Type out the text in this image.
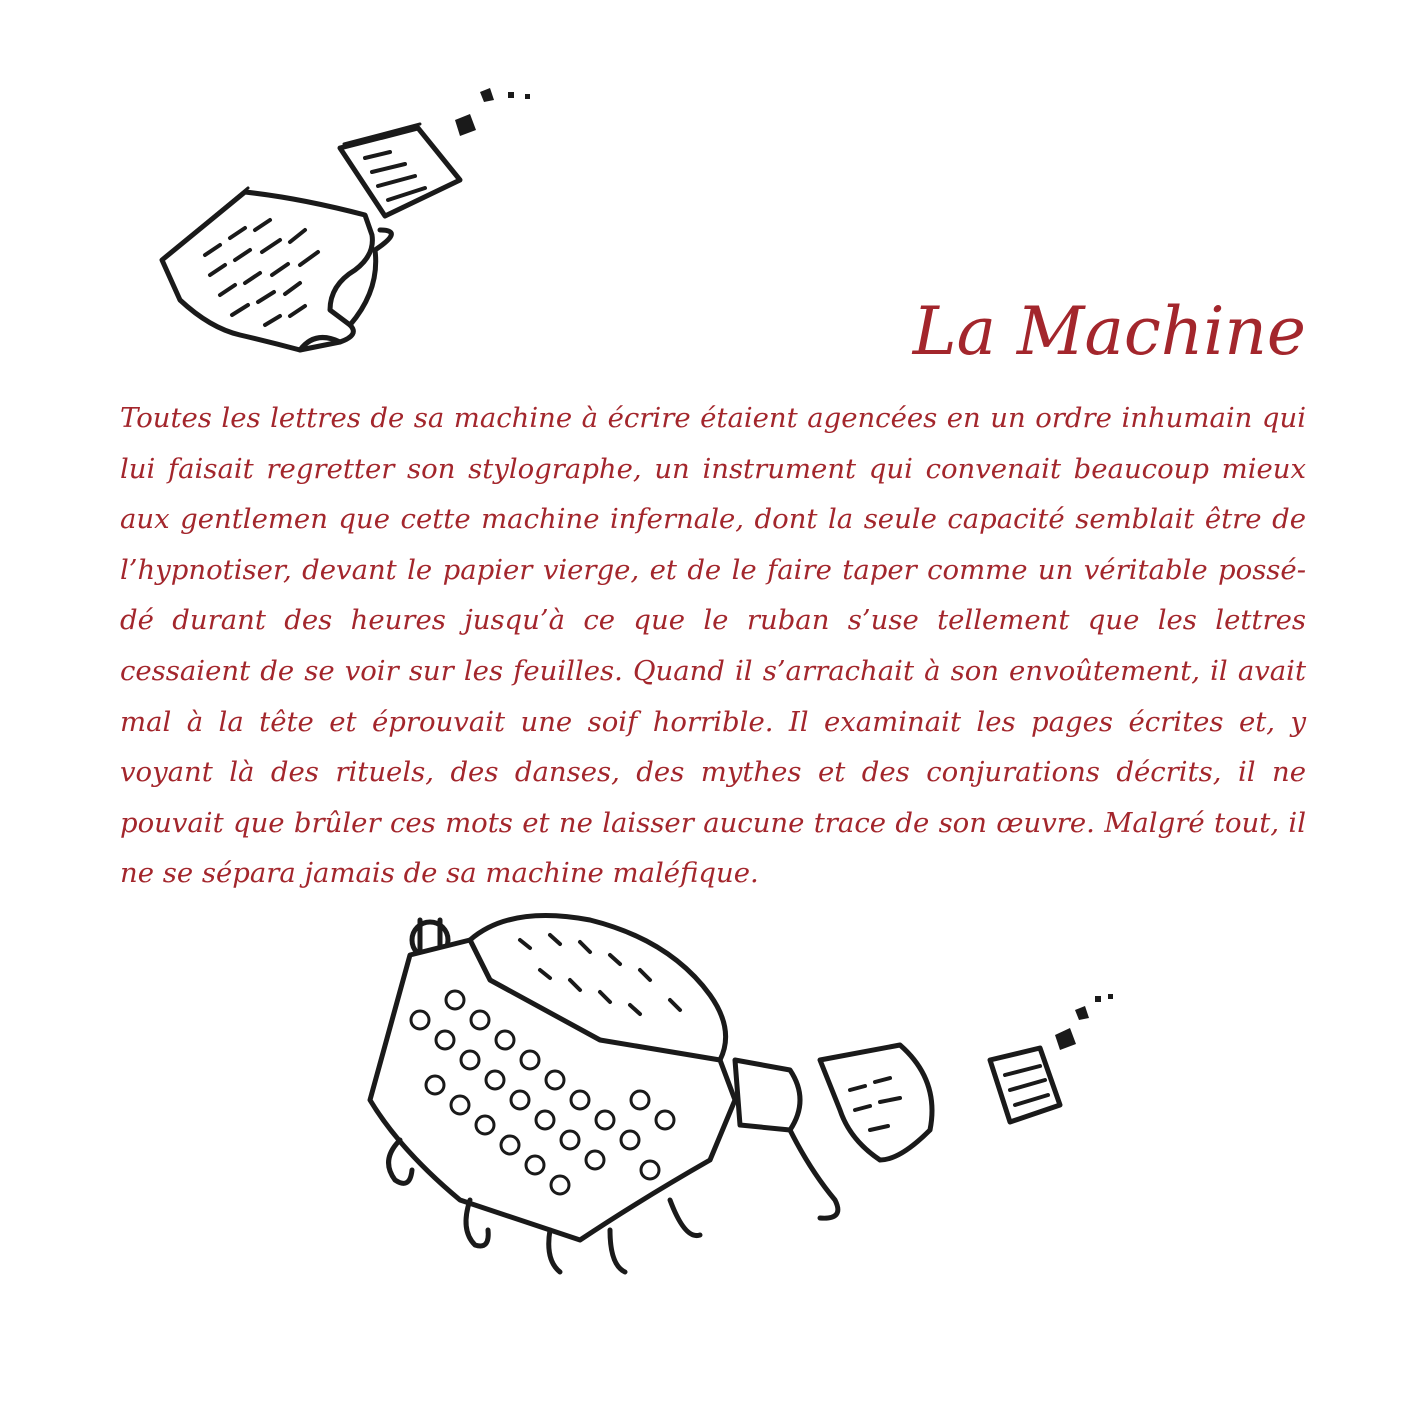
La Machine

Toutes les lettres de sa machine à écrire étaient agencées en un ordre inhumain qui lui faisait regretter son stylographe, un instrument qui convenait beaucoup mieux aux gentlemen que cette machine infernale, dont la seule capacité semblait être de l’hypnotiser, devant le papier vierge, et de le faire taper comme un véritable possédé durant des heures jusqu’à ce que le ruban s’use tellement que les lettres cessaient de se voir sur les feuilles. Quand il s’arrachait à son envoûtement, il avait mal à la tête et éprouvait une soif horrible. Il examinait les pages écrites et, y voyant là des rituels, des danses, des mythes et des conjurations décrits, il ne pouvait que brûler ces mots et ne laisser aucune trace de son œuvre. Malgré tout, il ne se sépara jamais de sa machine maléfique.
